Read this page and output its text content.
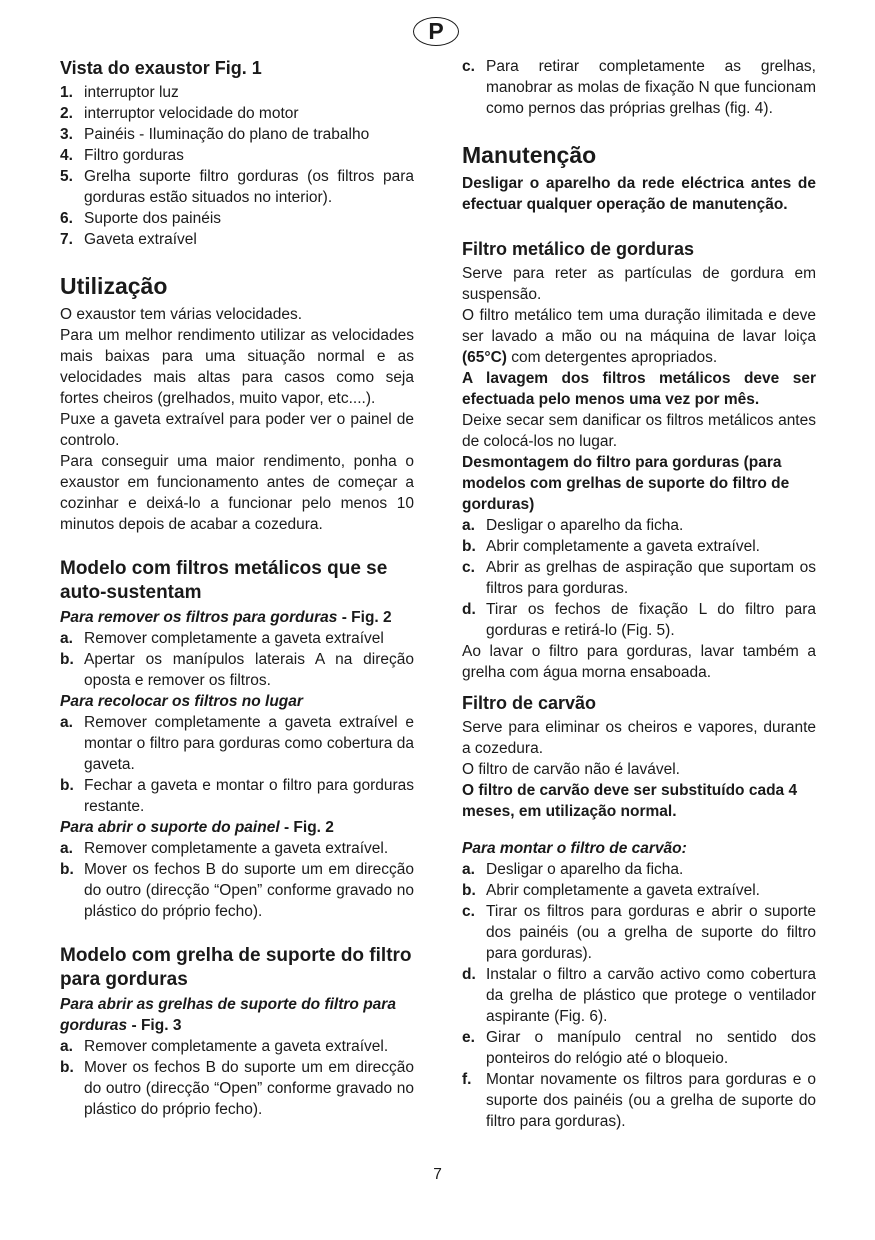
P
Vista do exaustor Fig. 1
1. interruptor luz
2. interruptor velocidade do motor
3. Painéis - Iluminação do plano de trabalho
4. Filtro gorduras
5. Grelha suporte filtro gorduras (os filtros para gorduras estão situados no interior).
6. Suporte dos painéis
7. Gaveta extraível
Utilização

O exaustor tem várias velocidades.

Para um melhor rendimento utilizar as velocidades mais baixas para uma situação normal e as velocidades mais altas para casos como seja fortes cheiros (grelhados, muito vapor, etc....).

Puxe a gaveta extraível para poder ver o painel de controlo.

Para conseguir uma maior rendimento, ponha o exaustor em funcionamento antes de começar a cozinhar e deixá-lo a funcionar pelo menos 10 minutos depois de acabar a cozedura.

Modelo com filtros metálicos que se auto-sustentam

Para remover os filtros para gorduras - Fig. 2

a. Remover completamente a gaveta extraível
b. Apertar os manípulos laterais A na direção oposta e remover os filtros.

Para recolocar os filtros no lugar

a. Remover completamente a gaveta extraível e montar o filtro para gorduras como cobertura da gaveta.
b. Fechar a gaveta e montar o filtro para gorduras restante.

Para abrir o suporte do painel - Fig. 2

a. Remover completamente a gaveta extraível.
b. Mover os fechos B do suporte um em direcção do outro (direcção “Open” conforme gravado no plástico do próprio fecho).
Modelo com grelha de suporte do filtro para gorduras

Para abrir as grelhas de suporte do filtro para gorduras - Fig. 3

a. Remover completamente a gaveta extraível.
b. Mover os fechos B do suporte um em direcção do outro (direcção “Open” conforme gravado no plástico do próprio fecho).
c. Para retirar completamente as grelhas, manobrar as molas de fixação N que funcionam como pernos das próprias grelhas (fig. 4).
Manutenção

Desligar o aparelho da rede eléctrica antes de efectuar qualquer operação de manutenção.

Filtro metálico de gorduras

Serve para reter as partículas de gordura em suspensão.

O filtro metálico tem uma duração ilimitada e deve ser lavado a mão ou na máquina de lavar loiça (65°C) com detergentes apropriados.

A lavagem dos filtros metálicos deve ser efectuada pelo menos uma vez por mês.

Deixe secar sem danificar os filtros metálicos antes de colocá-los no lugar.

Desmontagem do filtro para gorduras (para modelos com grelhas de suporte do filtro de gorduras)

a. Desligar o aparelho da ficha.
b. Abrir completamente a gaveta extraível.
c. Abrir as grelhas de aspiração que suportam os filtros para gorduras.
d. Tirar os fechos de fixação L do filtro para gorduras e retirá-lo (Fig. 5).

Ao lavar o filtro para gorduras, lavar também a grelha com água morna ensaboada.

Filtro de carvão

Serve para eliminar os cheiros e vapores, durante a cozedura.

O filtro de carvão não é lavável.

O filtro de carvão deve ser substituído cada 4 meses, em utilização normal.

Para montar o filtro de carvão:

a. Desligar o aparelho da ficha.
b. Abrir completamente a gaveta extraível.
c. Tirar os filtros para gorduras e abrir o suporte dos painéis (ou a grelha de suporte do filtro para gorduras).
d. Instalar o filtro a carvão activo como cobertura da grelha de plástico que protege o ventilador aspirante (Fig. 6).
e. Girar o manípulo central no sentido dos ponteiros do relógio até o bloqueio.
f. Montar novamente os filtros para gorduras e o suporte dos painéis (ou a grelha de suporte do filtro para gorduras).
7
